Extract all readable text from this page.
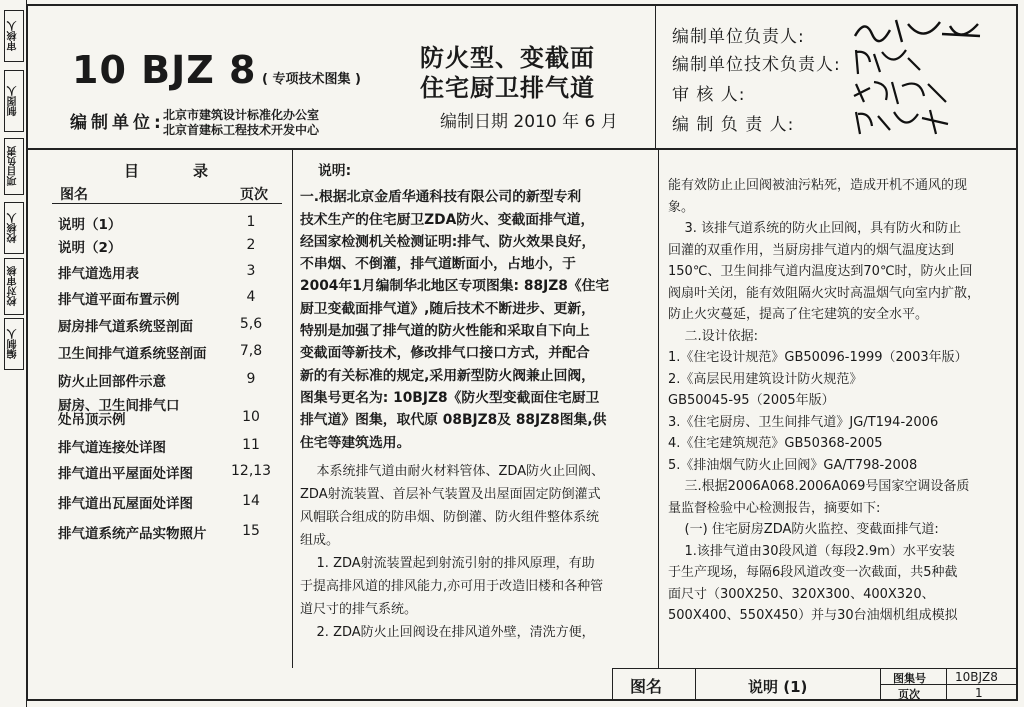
审核人
制图人
项目负责
校核人
校对审核
编制人
10 BJZ 8 ( 专项技术图集 )
编制单位:
北京市建筑设计标准化办公室
北京首建标工程技术开发中心
防火型、变截面
住宅厨卫排气道
编制日期 2010 年 6 月
编制单位负责人:
编制单位技术负责人:
审 核 人:
编 制 负 责 人:
目录
图名	页次
说明（1）	1
说明（2）	2
排气道选用表	3
排气道平面布置示例	4
厨房排气道系统竖剖面	5,6
卫生间排气道系统竖剖面	7,8
防火止回部件示意	9
厨房、卫生间排气口
处吊顶示例	10
排气道连接处详图	11
排气道出平屋面处详图	12,13
排气道出瓦屋面处详图	14
排气道系统产品实物照片	15

说明:

一.根据北京金盾华通科技有限公司的新型专利

技术生产的住宅厨卫ZDA防火、变截面排气道，

经国家检测机关检测证明:排气、防火效果良好，

不串烟、不倒灌，排气道断面小，占地小，于

2004年1月编制华北地区专项图集: 88JZ8《住宅

厨卫变截面排气道》,随后技术不断进步、更新，

特别是加强了排气道的防火性能和采取自下向上

变截面等新技术，修改排气口接口方式，并配合

新的有关标准的规定,采用新型防火阀兼止回阀，

图集号更名为: 10BJZ8《防火型变截面住宅厨卫

排气道》图集，取代原 08BJZ8及 88JZ8图集,供

住宅等建筑选用。

本系统排气道由耐火材料管体、ZDA防火止回阀、

ZDA射流装置、首层补气装置及出屋面固定防倒灌式

风帽联合组成的防串烟、防倒灌、防火组件整体系统

组成。

1. ZDA射流装置起到射流引射的排风原理，有助

于提高排风道的排风能力,亦可用于改造旧楼和各种管

道尺寸的排气系统。

2. ZDA防火止回阀设在排风道外壁，清洗方便，

能有效防止止回阀被油污粘死，造成开机不通风的现

象。

3. 该排气道系统的防火止回阀，具有防火和防止

回灌的双重作用，当厨房排气道内的烟气温度达到

150℃、卫生间排气道内温度达到70℃时，防火止回

阀扇叶关闭，能有效阻隔火灾时高温烟气向室内扩散，

防止火灾蔓延，提高了住宅建筑的安全水平。

二.设计依据:

1.《住宅设计规范》GB50096-1999（2003年版）

2.《高层民用建筑设计防火规范》

GB50045-95（2005年版）

3.《住宅厨房、卫生间排气道》JG/T194-2006

4.《住宅建筑规范》GB50368-2005

5.《排油烟气防火止回阀》GA/T798-2008

三.根据2006A068.2006A069号国家空调设备质

量监督检验中心检测报告，摘要如下:

(一) 住宅厨房ZDA防火监控、变截面排气道:

1.该排气道由30段风道（每段2.9m）水平安装

于生产现场，每隔6段风道改变一次截面，共5种截

面尺寸（300X250、320X300、400X320、

500X400、550X450）并与30台油烟机组成模拟

图名	说明 (1)	图集号 10BJZ8
页次	1
